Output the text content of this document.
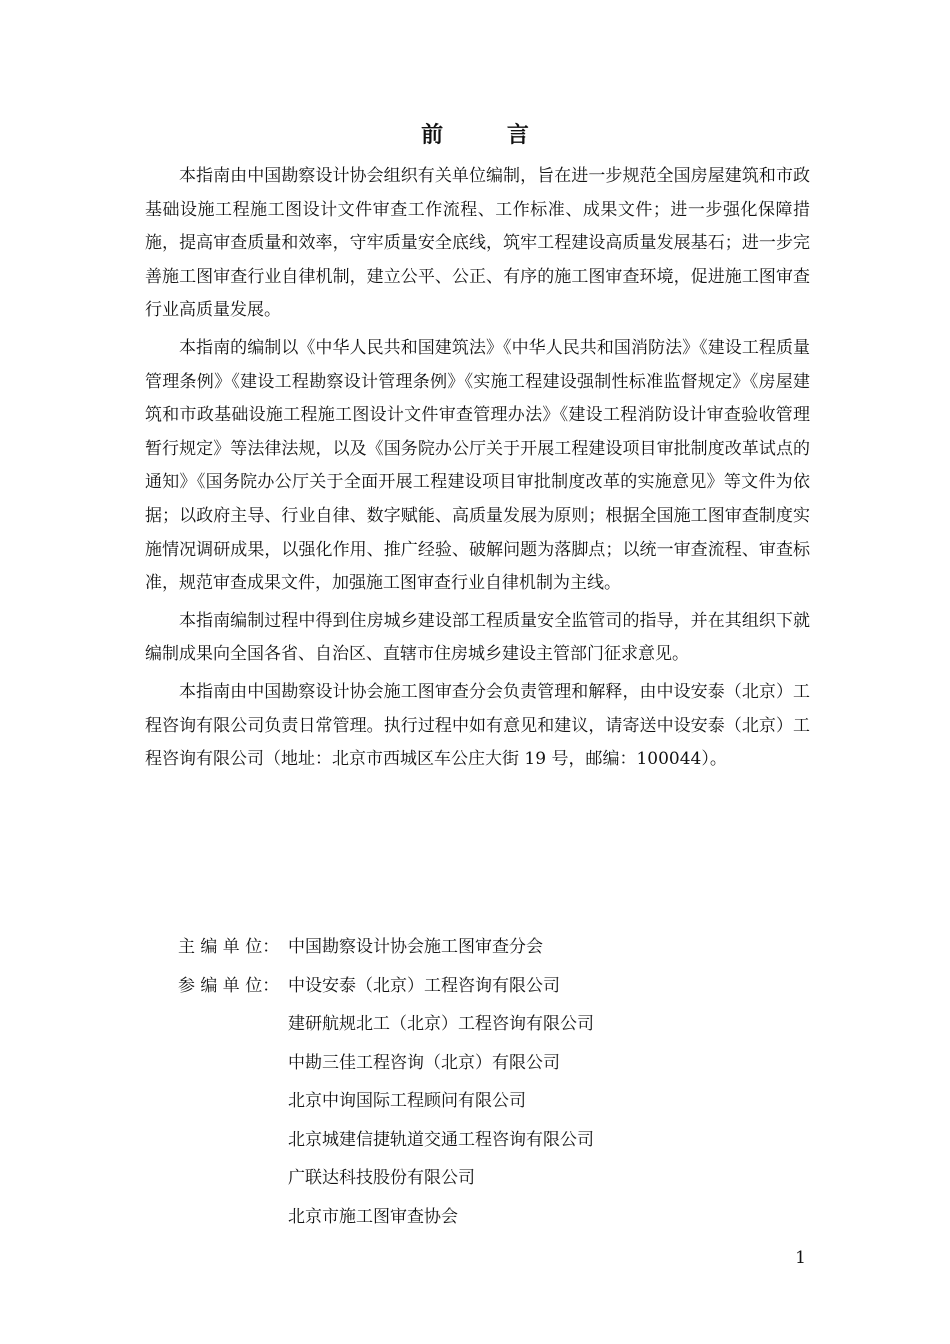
前 言

本指南由中国勘察设计协会组织有关单位编制，旨在进一步规范全国房屋建筑和市政基础设施工程施工图设计文件审查工作流程、工作标准、成果文件；进一步强化保障措施，提高审查质量和效率，守牢质量安全底线，筑牢工程建设高质量发展基石；进一步完善施工图审查行业自律机制，建立公平、公正、有序的施工图审查环境，促进施工图审查行业高质量发展。

本指南的编制以《中华人民共和国建筑法》《中华人民共和国消防法》《建设工程质量管理条例》《建设工程勘察设计管理条例》《实施工程建设强制性标准监督规定》《房屋建筑和市政基础设施工程施工图设计文件审查管理办法》《建设工程消防设计审查验收管理暂行规定》等法律法规，以及《国务院办公厅关于开展工程建设项目审批制度改革试点的通知》《国务院办公厅关于全面开展工程建设项目审批制度改革的实施意见》等文件为依据；以政府主导、行业自律、数字赋能、高质量发展为原则；根据全国施工图审查制度实施情况调研成果，以强化作用、推广经验、破解问题为落脚点；以统一审查流程、审查标准，规范审查成果文件，加强施工图审查行业自律机制为主线。

本指南编制过程中得到住房城乡建设部工程质量安全监管司的指导，并在其组织下就编制成果向全国各省、自治区、直辖市住房城乡建设主管部门征求意见。

本指南由中国勘察设计协会施工图审查分会负责管理和解释，由中设安泰（北京）工程咨询有限公司负责日常管理。执行过程中如有意见和建议，请寄送中设安泰（北京）工程咨询有限公司（地址：北京市西城区车公庄大街 19 号，邮编：100044）。

主 编 单 位： 中国勘察设计协会施工图审查分会
参 编 单 位： 中设安泰（北京）工程咨询有限公司
建研航规北工（北京）工程咨询有限公司
中勘三佳工程咨询（北京）有限公司
北京中询国际工程顾问有限公司
北京城建信捷轨道交通工程咨询有限公司
广联达科技股份有限公司
北京市施工图审查协会
1
